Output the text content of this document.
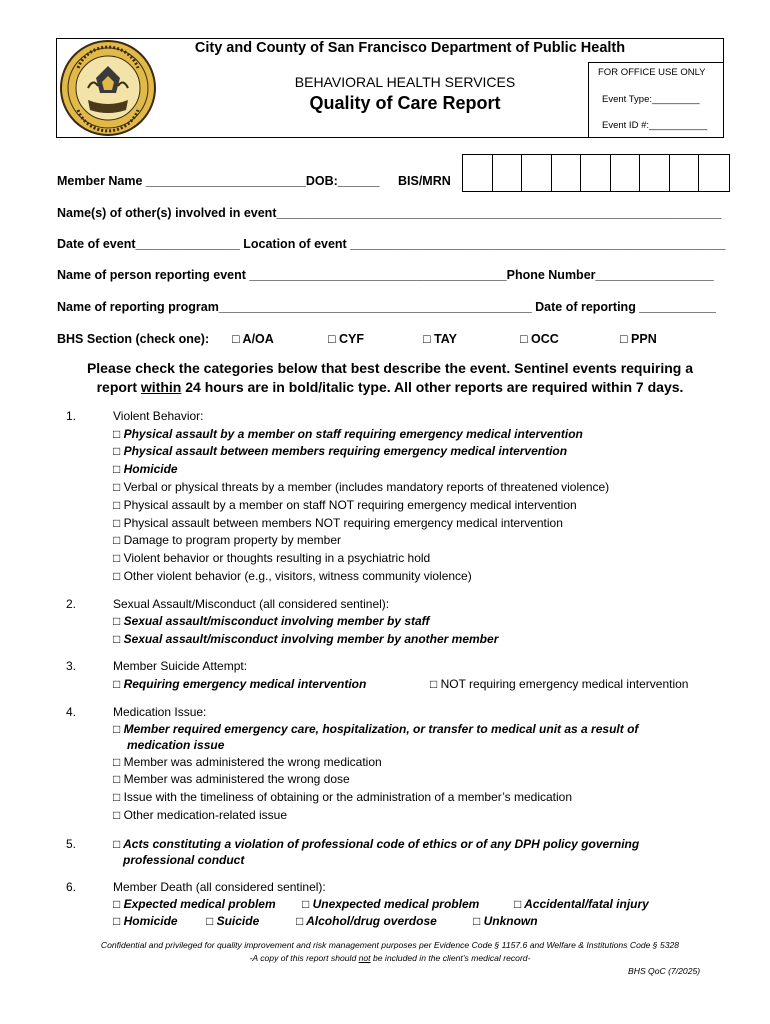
City and County of San Francisco Department of Public Health
BEHAVIORAL HEALTH SERVICES
Quality of Care Report
FOR OFFICE USE ONLY
Event Type:_________
Event ID #:___________
Member Name _______________________DOB:______ BIS/MRN
Name(s) of other(s) involved in event________________________________________________________________
Date of event_______________ Location of event ______________________________________________________
Name of person reporting event _____________________________________Phone Number_________________
Name of reporting program_____________________________________________ Date of reporting ___________
BHS Section (check one): □ A/OA	□ CYF	□ TAY	□ OCC	□ PPN
Please check the categories below that best describe the event. Sentinel events requiring a
report within 24 hours are in bold/italic type. All other reports are required within 7 days.
1.	Violent Behavior:
□ Physical assault by a member on staff requiring emergency medical intervention
□ Physical assault between members requiring emergency medical intervention
□ Homicide
□ Verbal or physical threats by a member (includes mandatory reports of threatened violence)
□ Physical assault by a member on staff NOT requiring emergency medical intervention
□ Physical assault between members NOT requiring emergency medical intervention
□ Damage to program property by member
□ Violent behavior or thoughts resulting in a psychiatric hold
□ Other violent behavior (e.g., visitors, witness community violence)
2.	Sexual Assault/Misconduct (all considered sentinel):
□ Sexual assault/misconduct involving member by staff
□ Sexual assault/misconduct involving member by another member
3.	Member Suicide Attempt:
□ Requiring emergency medical intervention	□ NOT requiring emergency medical intervention
4.	Medication Issue:
□ Member required emergency care, hospitalization, or transfer to medical unit as a result of
medication issue
□ Member was administered the wrong medication
□ Member was administered the wrong dose
□ Issue with the timeliness of obtaining or the administration of a member’s medication
□ Other medication-related issue
5.	□ Acts constituting a violation of professional code of ethics or of any DPH policy governing
professional conduct
6.	Member Death (all considered sentinel):
□ Expected medical problem □ Unexpected medical problem	□ Accidental/fatal injury
□ Homicide □ Suicide	□ Alcohol/drug overdose	□ Unknown
Confidential and privileged for quality improvement and risk management purposes per Evidence Code § 1157.6 and Welfare & Institutions Code § 5328
-A copy of this report should not be included in the client’s medical record-
BHS QoC (7/2025)
